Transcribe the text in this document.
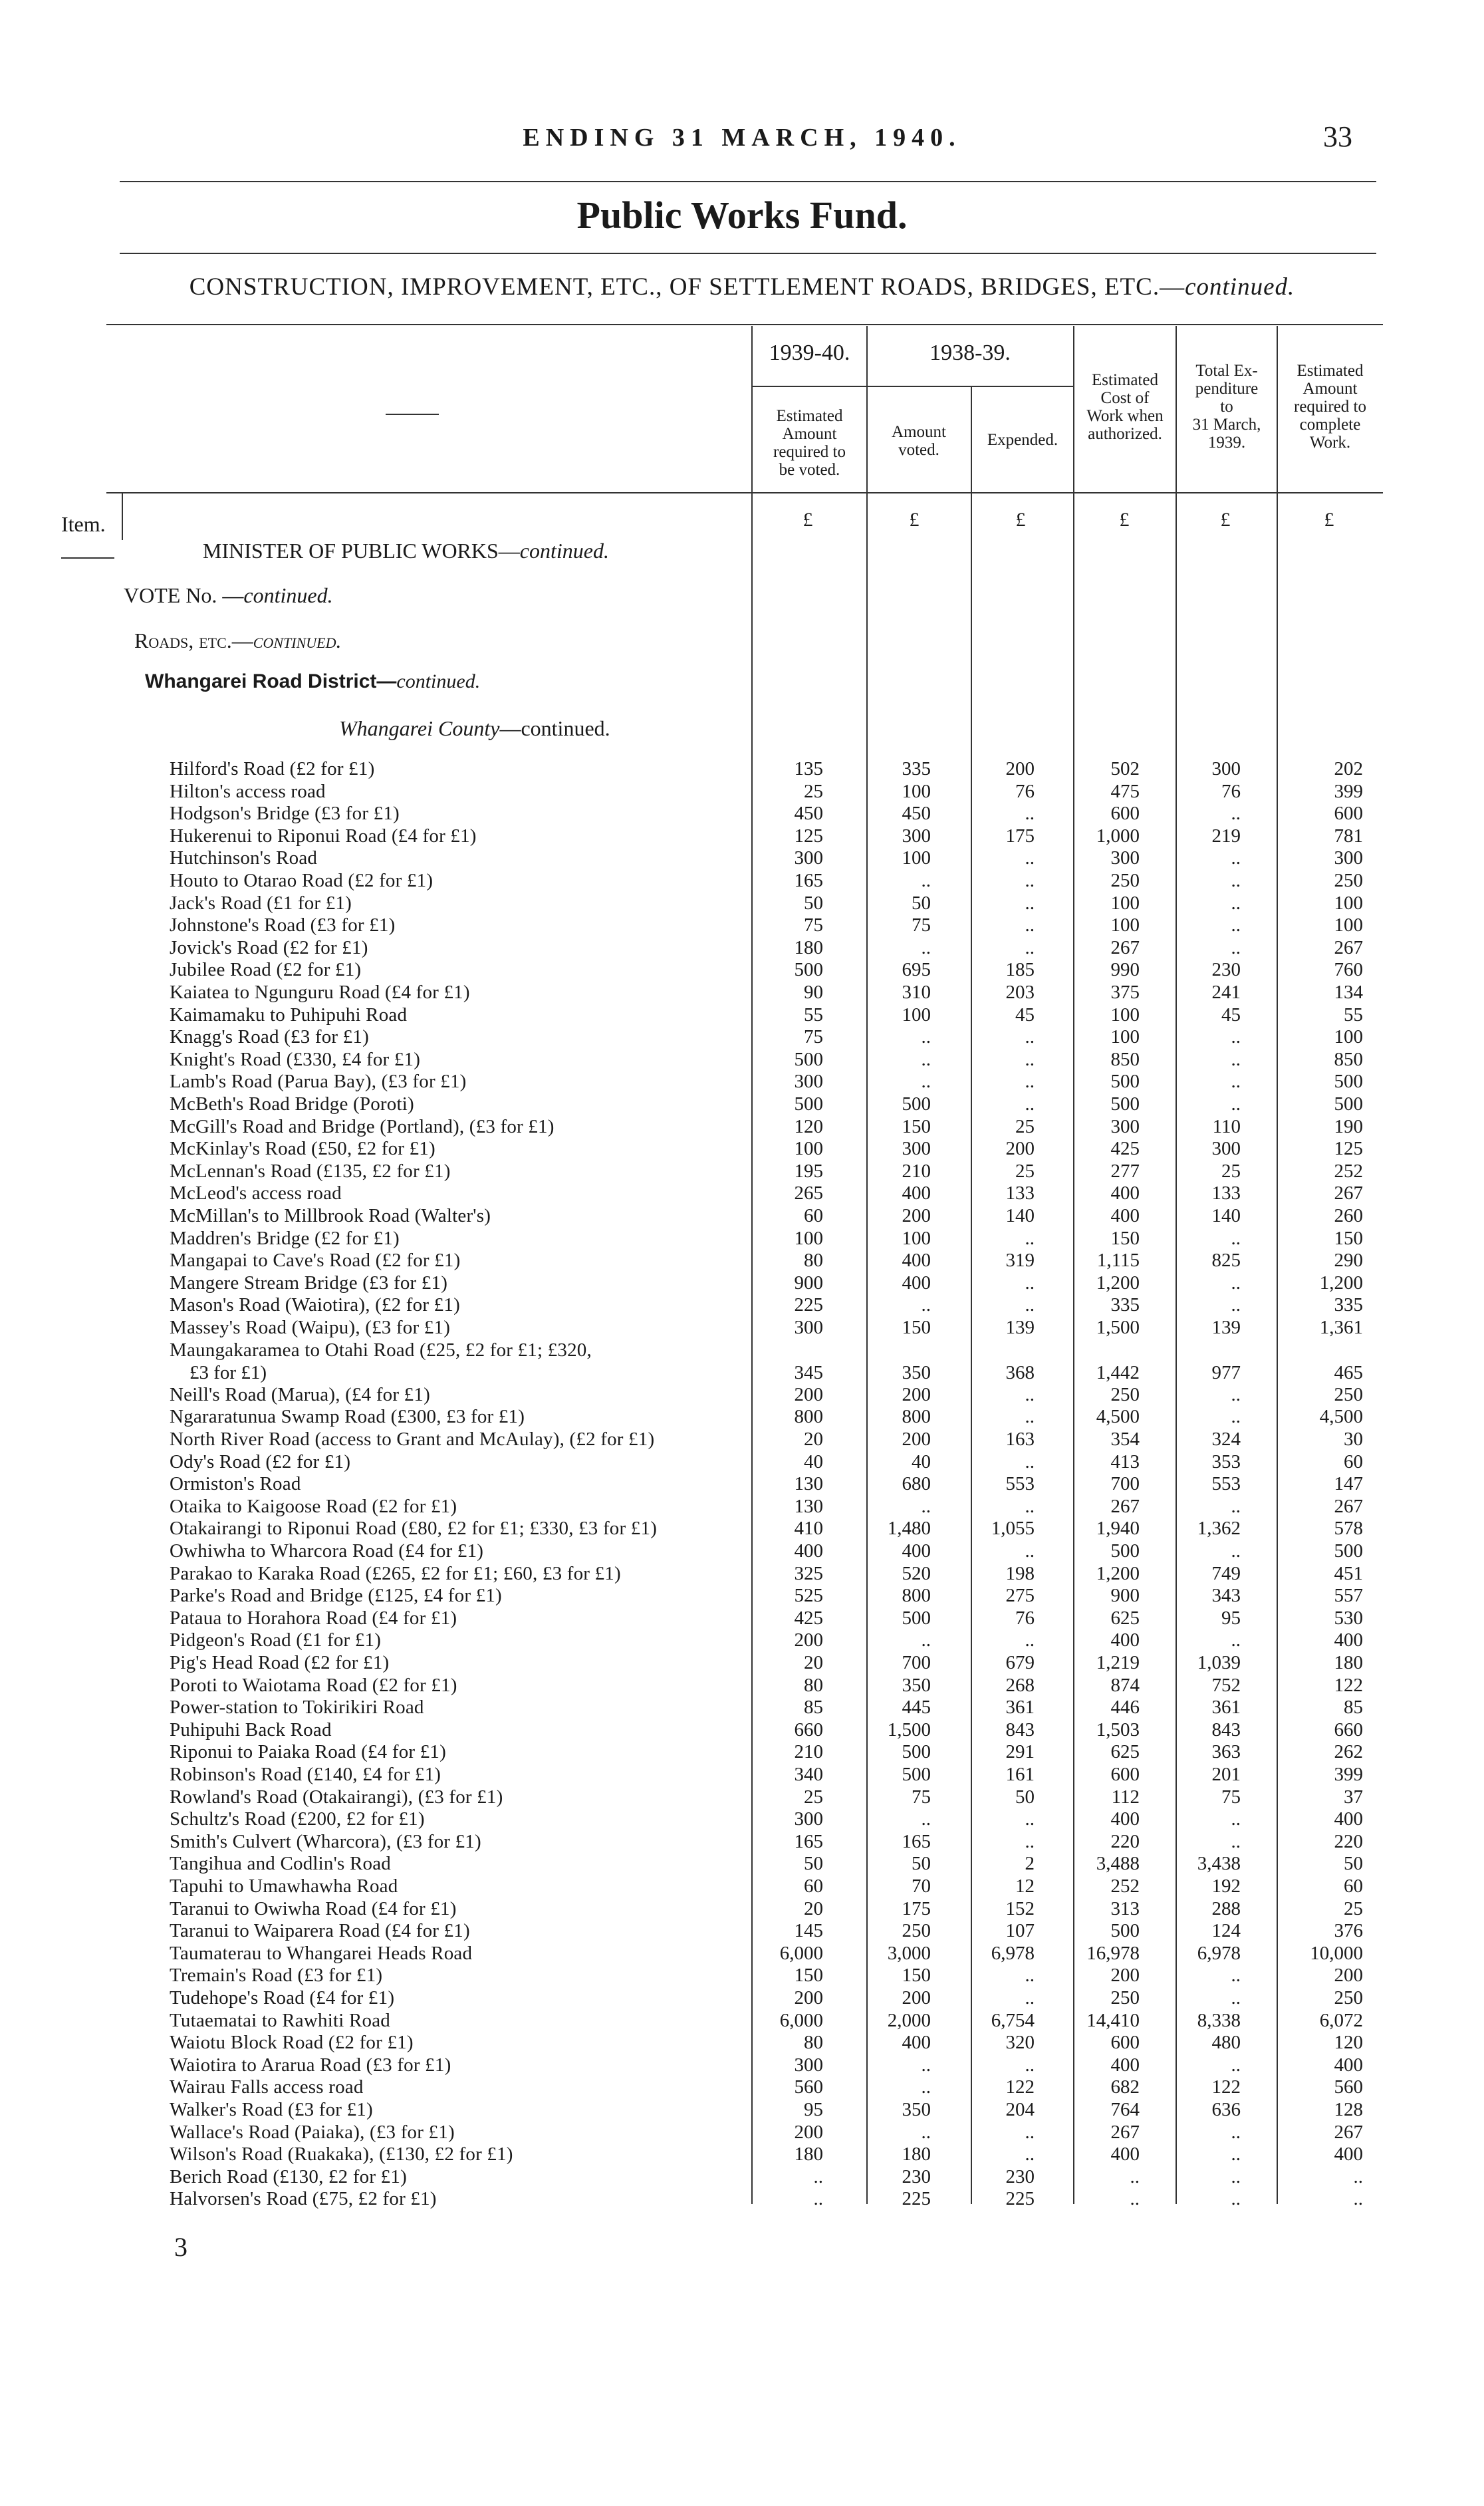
ENDING 31 MARCH, 1940.	33
Public Works Fund.
CONSTRUCTION, IMPROVEMENT, ETC., OF SETTLEMENT ROADS, BRIDGES, ETC.—continued.
1939-40.	1938-39.
Estimated
Amount
required to
be voted.
Amount
voted.
Expended.
Estimated
Cost of
Work when
authorized.
Total Ex-
penditure
to
31 March,
1939.
Estimated
Amount
required to
complete
Work.
£	£	£	£	£	£
Item.
MINISTER OF PUBLIC WORKS—continued.
VOTE No. —continued.
Roads, etc.—continued.
Whangarei Road District—continued.
Whangarei County—continued.
Hilford's Road (£2 for £1)	135	335	200	502	300	202
Hilton's access road	25	100	76	475	76	399
Hodgson's Bridge (£3 for £1)	450	450	..	600	..	600
Hukerenui to Riponui Road (£4 for £1)	125	300	175	1,000	219	781
Hutchinson's Road	300	100	..	300	..	300
Houto to Otarao Road (£2 for £1)	165	..	..	250	..	250
Jack's Road (£1 for £1)	50	50	..	100	..	100
Johnstone's Road (£3 for £1)	75	75	..	100	..	100
Jovick's Road (£2 for £1)	180	..	..	267	..	267
Jubilee Road (£2 for £1)	500	695	185	990	230	760
Kaiatea to Ngunguru Road (£4 for £1)	90	310	203	375	241	134
Kaimamaku to Puhipuhi Road	55	100	45	100	45	55
Knagg's Road (£3 for £1)	75	..	..	100	..	100
Knight's Road (£330, £4 for £1)	500	..	..	850	..	850
Lamb's Road (Parua Bay), (£3 for £1)	300	..	..	500	..	500
McBeth's Road Bridge (Poroti)	500	500	..	500	..	500
McGill's Road and Bridge (Portland), (£3 for £1)	120	150	25	300	110	190
McKinlay's Road (£50, £2 for £1)	100	300	200	425	300	125
McLennan's Road (£135, £2 for £1)	195	210	25	277	25	252
McLeod's access road	265	400	133	400	133	267
McMillan's to Millbrook Road (Walter's)	60	200	140	400	140	260
Maddren's Bridge (£2 for £1)	100	100	..	150	..	150
Mangapai to Cave's Road (£2 for £1)	80	400	319	1,115	825	290
Mangere Stream Bridge (£3 for £1)	900	400	..	1,200	..	1,200
Mason's Road (Waiotira), (£2 for £1)	225	..	..	335	..	335
Massey's Road (Waipu), (£3 for £1)	300	150	139	1,500	139	1,361
Maungakaramea to Otahi Road (£25, £2 for £1; £320,
£3 for £1)	345	350	368	1,442	977	465
Neill's Road (Marua), (£4 for £1)	200	200	..	250	..	250
Ngararatunua Swamp Road (£300, £3 for £1)	800	800	..	4,500	..	4,500
North River Road (access to Grant and McAulay), (£2 for £1)	20	200	163	354	324	30
Ody's Road (£2 for £1)	40	40	..	413	353	60
Ormiston's Road	130	680	553	700	553	147
Otaika to Kaigoose Road (£2 for £1)	130	..	..	267	..	267
Otakairangi to Riponui Road (£80, £2 for £1; £330, £3 for £1)	410	1,480	1,055	1,940	1,362	578
Owhiwha to Wharcora Road (£4 for £1)	400	400	..	500	..	500
Parakao to Karaka Road (£265, £2 for £1; £60, £3 for £1)	325	520	198	1,200	749	451
Parke's Road and Bridge (£125, £4 for £1)	525	800	275	900	343	557
Pataua to Horahora Road (£4 for £1)	425	500	76	625	95	530
Pidgeon's Road (£1 for £1)	200	..	..	400	..	400
Pig's Head Road (£2 for £1)	20	700	679	1,219	1,039	180
Poroti to Waiotama Road (£2 for £1)	80	350	268	874	752	122
Power-station to Tokirikiri Road	85	445	361	446	361	85
Puhipuhi Back Road	660	1,500	843	1,503	843	660
Riponui to Paiaka Road (£4 for £1)	210	500	291	625	363	262
Robinson's Road (£140, £4 for £1)	340	500	161	600	201	399
Rowland's Road (Otakairangi), (£3 for £1)	25	75	50	112	75	37
Schultz's Road (£200, £2 for £1)	300	..	..	400	..	400
Smith's Culvert (Wharcora), (£3 for £1)	165	165	..	220	..	220
Tangihua and Codlin's Road	50	50	2	3,488	3,438	50
Tapuhi to Umawhawha Road	60	70	12	252	192	60
Taranui to Owiwha Road (£4 for £1)	20	175	152	313	288	25
Taranui to Waiparera Road (£4 for £1)	145	250	107	500	124	376
Taumaterau to Whangarei Heads Road	6,000	3,000	6,978	16,978	6,978	10,000
Tremain's Road (£3 for £1)	150	150	..	200	..	200
Tudehope's Road (£4 for £1)	200	200	..	250	..	250
Tutaematai to Rawhiti Road	6,000	2,000	6,754	14,410	8,338	6,072
Waiotu Block Road (£2 for £1)	80	400	320	600	480	120
Waiotira to Ararua Road (£3 for £1)	300	..	..	400	..	400
Wairau Falls access road	560	..	122	682	122	560
Walker's Road (£3 for £1)	95	350	204	764	636	128
Wallace's Road (Paiaka), (£3 for £1)	200	..	..	267	..	267
Wilson's Road (Ruakaka), (£130, £2 for £1)	180	180	..	400	..	400
Berich Road (£130, £2 for £1)	..	230	230	..	..	..
Halvorsen's Road (£75, £2 for £1)	..	225	225	..	..	..
3
